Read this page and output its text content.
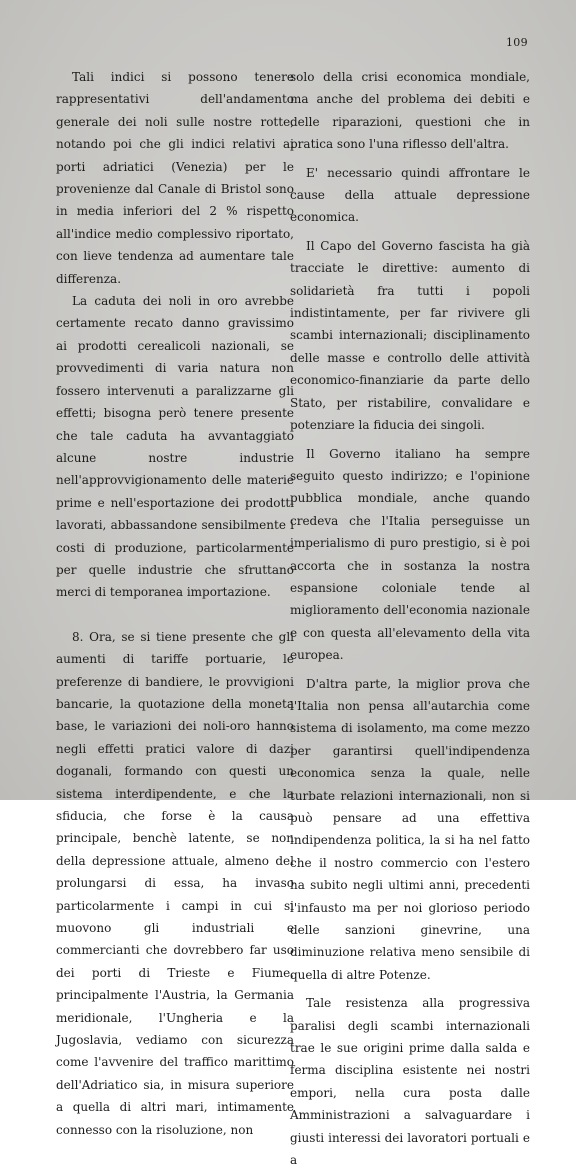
109

Tali indici si possono tenere rappresentativi dell'andamento generale dei noli sulle nostre rotte, notando poi che gli indici relativi ai porti adriatici (Venezia) per le provenienze dal Canale di Bristol sono in media inferiori del 2 % rispetto all'indice medio complessivo riportato, con lieve tendenza ad aumentare tale differenza.

La caduta dei noli in oro avrebbe certamente recato danno gravissimo ai prodotti cerealicoli nazionali, se provvedimenti di varia natura non fossero intervenuti a paralizzarne gli effetti; bisogna però tenere presente che tale caduta ha avvantaggiato alcune nostre industrie nell'approvvigionamento delle materie prime e nell'esportazione dei prodotti lavorati, abbassandone sensibilmente i costi di produzione, particolarmente per quelle industrie che sfruttano merci di temporanea importazione.

8. Ora, se si tiene presente che gli aumenti di tariffe portuarie, le preferenze di bandiere, le provvigioni bancarie, la quotazione della moneta base, le variazioni dei noli-oro hanno negli effetti pratici valore di dazi doganali, formando con questi un sistema interdipendente, e che la sfiducia, che forse è la causa principale, benchè latente, se non della depressione attuale, almeno del prolungarsi di essa, ha invaso particolarmente i campi in cui si muovono gli industriali e commercianti che dovrebbero far uso dei porti di Trieste e Fiume, principalmente l'Austria, la Germania meridionale, l'Ungheria e la Jugoslavia, vediamo con sicurezza come l'avvenire del traffico marittimo dell'Adriatico sia, in misura superiore a quella di altri mari, intimamente connesso con la risoluzione, non

solo della crisi economica mondiale, ma anche del problema dei debiti e delle riparazioni, questioni che in pratica sono l'una riflesso dell'altra.

E' necessario quindi affrontare le cause della attuale depressione economica.

Il Capo del Governo fascista ha già tracciate le direttive: aumento di solidarietà fra tutti i popoli indistintamente, per far rivivere gli scambi internazionali; disciplinamento delle masse e controllo delle attività economico-finanziarie da parte dello Stato, per ristabilire, convalidare e potenziare la fiducia dei singoli.

Il Governo italiano ha sempre seguito questo indirizzo; e l'opinione pubblica mondiale, anche quando credeva che l'Italia perseguisse un imperialismo di puro prestigio, si è poi accorta che in sostanza la nostra espansione coloniale tende al miglioramento dell'economia nazionale e con questa all'elevamento della vita europea.

D'altra parte, la miglior prova che l'Italia non pensa all'autarchia come sistema di isolamento, ma come mezzo per garantirsi quell'indipendenza economica senza la quale, nelle turbate relazioni internazionali, non si può pensare ad una effettiva indipendenza politica, la si ha nel fatto che il nostro commercio con l'estero ha subito negli ultimi anni, precedenti l'infausto ma per noi glorioso periodo delle sanzioni ginevrine, una diminuzione relativa meno sensibile di quella di altre Potenze.

Tale resistenza alla progressiva paralisi degli scambi internazionali trae le sue origini prime dalla salda e ferma disciplina esistente nei nostri empori, nella cura posta dalle Amministrazioni a salvaguardare i giusti interessi dei lavoratori portuali e a
